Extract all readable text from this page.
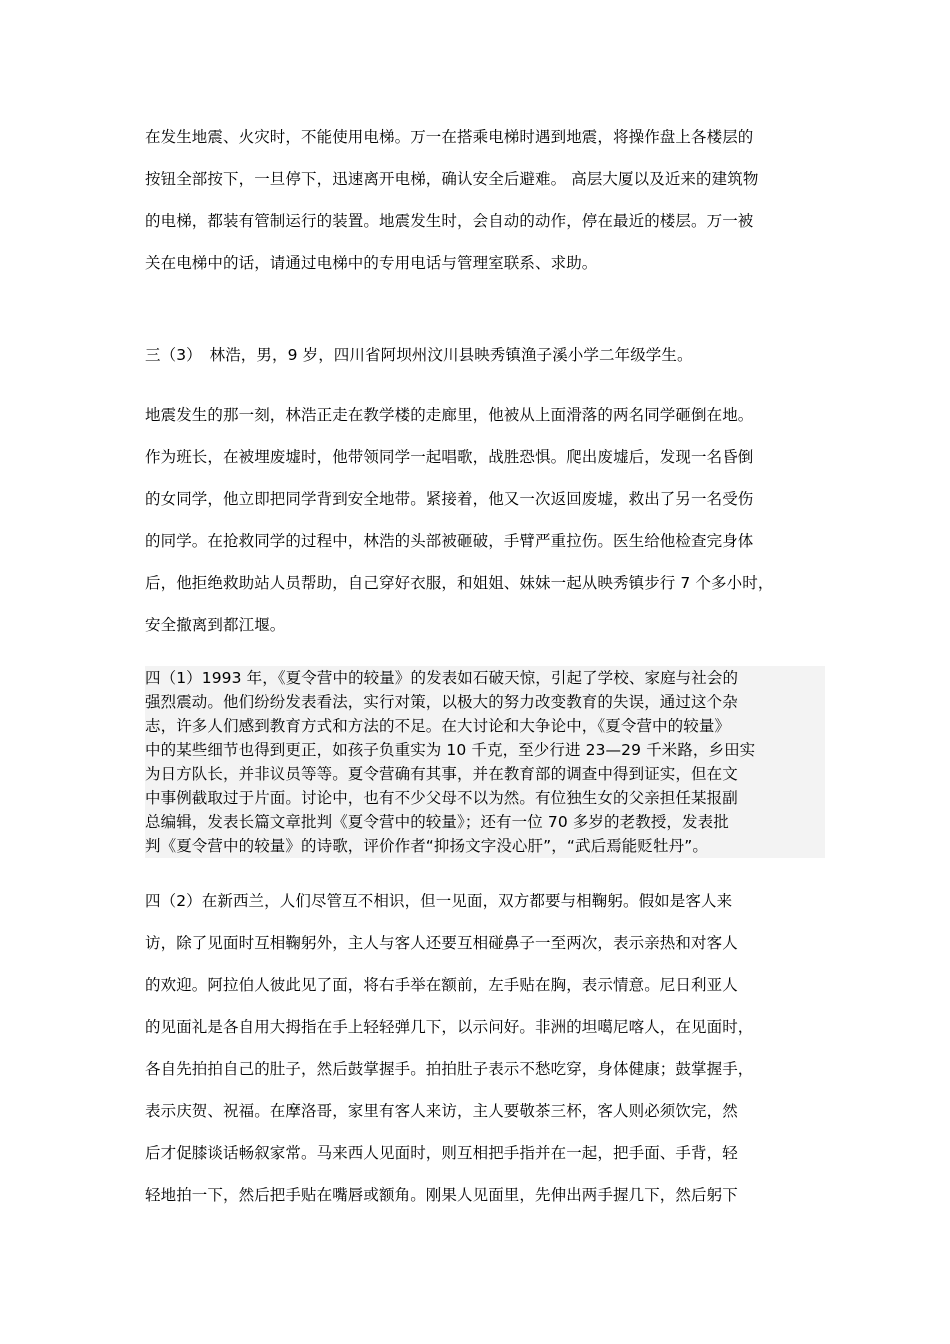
在发生地震、火灾时，不能使用电梯。万一在搭乘电梯时遇到地震，将操作盘上各楼层的
按钮全部按下，一旦停下，迅速离开电梯，确认安全后避难。 高层大厦以及近来的建筑物
的电梯，都装有管制运行的装置。地震发生时，会自动的动作，停在最近的楼层。万一被
关在电梯中的话，请通过电梯中的专用电话与管理室联系、求助。
三（3）　林浩，男，9 岁，四川省阿坝州汶川县映秀镇渔子溪小学二年级学生。
地震发生的那一刻，林浩正走在教学楼的走廊里，他被从上面滑落的两名同学砸倒在地。
作为班长，在被埋废墟时，他带领同学一起唱歌，战胜恐惧。爬出废墟后，发现一名昏倒
的女同学，他立即把同学背到安全地带。紧接着，他又一次返回废墟，救出了另一名受伤
的同学。在抢救同学的过程中，林浩的头部被砸破，手臂严重拉伤。医生给他检查完身体
后，他拒绝救助站人员帮助，自己穿好衣服，和姐姐、妹妹一起从映秀镇步行 7 个多小时，
安全撤离到都江堰。
四（1）1993 年，《夏令营中的较量》的发表如石破天惊，引起了学校、家庭与社会的
强烈震动。他们纷纷发表看法，实行对策，以极大的努力改变教育的失误，通过这个杂
志，许多人们感到教育方式和方法的不足。在大讨论和大争论中，《夏令营中的较量》
中的某些细节也得到更正，如孩子负重实为 10 千克，至少行进 23—29 千米路，乡田实
为日方队长，并非议员等等。夏令营确有其事，并在教育部的调查中得到证实，但在文
中事例截取过于片面。讨论中，也有不少父母不以为然。有位独生女的父亲担任某报副
总编辑，发表长篇文章批判《夏令营中的较量》；还有一位 70 多岁的老教授，发表批
判《夏令营中的较量》的诗歌，评价作者“抑扬文字没心肝”，“武后焉能贬牡丹”。
四（2）在新西兰，人们尽管互不相识，但一见面，双方都要与相鞠躬。假如是客人来
访，除了见面时互相鞠躬外，主人与客人还要互相碰鼻子一至两次，表示亲热和对客人
的欢迎。阿拉伯人彼此见了面，将右手举在额前，左手贴在胸，表示情意。尼日利亚人
的见面礼是各自用大拇指在手上轻轻弹几下，以示问好。非洲的坦噶尼喀人，在见面时，
各自先拍拍自己的肚子，然后鼓掌握手。拍拍肚子表示不愁吃穿，身体健康；鼓掌握手，
表示庆贺、祝福。在摩洛哥，家里有客人来访，主人要敬茶三杯，客人则必须饮完，然
后才促膝谈话畅叙家常。马来西人见面时，则互相把手指并在一起，把手面、手背，轻
轻地拍一下，然后把手贴在嘴唇或额角。刚果人见面里，先伸出两手握几下，然后躬下
